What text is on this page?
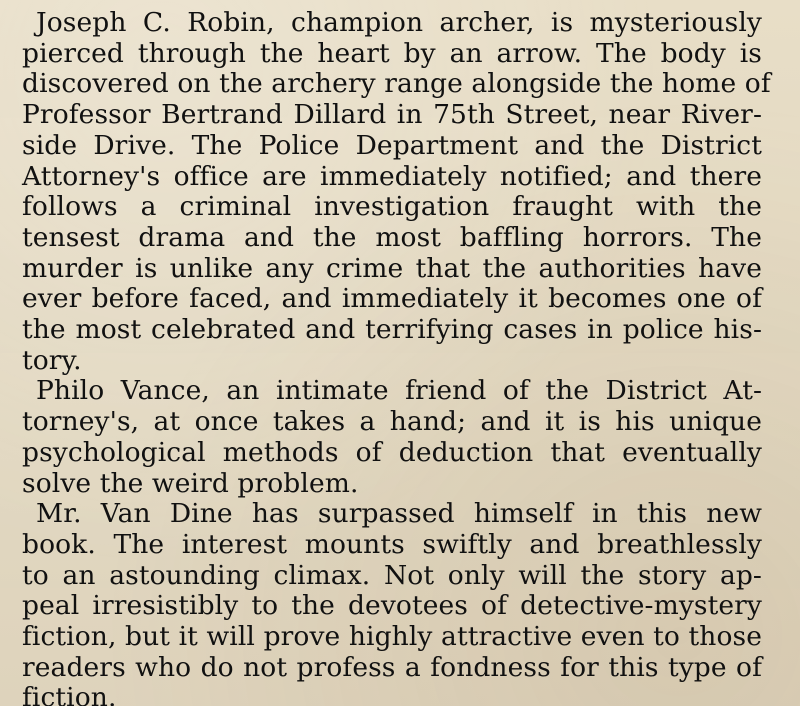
Joseph C. Robin, champion archer, is mysteriously
pierced through the heart by an arrow. The body is
discovered on the archery range alongside the home of
Professor Bertrand Dillard in 75th Street, near River-
side Drive. The Police Department and the District
Attorney's office are immediately notified; and there
follows a criminal investigation fraught with the
tensest drama and the most baffling horrors. The
murder is unlike any crime that the authorities have
ever before faced, and immediately it becomes one of
the most celebrated and terrifying cases in police his-
tory.
Philo Vance, an intimate friend of the District At-
torney's, at once takes a hand; and it is his unique
psychological methods of deduction that eventually
solve the weird problem.
Mr. Van Dine has surpassed himself in this new
book. The interest mounts swiftly and breathlessly
to an astounding climax. Not only will the story ap-
peal irresistibly to the devotees of detective-mystery
fiction, but it will prove highly attractive even to those
readers who do not profess a fondness for this type of
fiction.
